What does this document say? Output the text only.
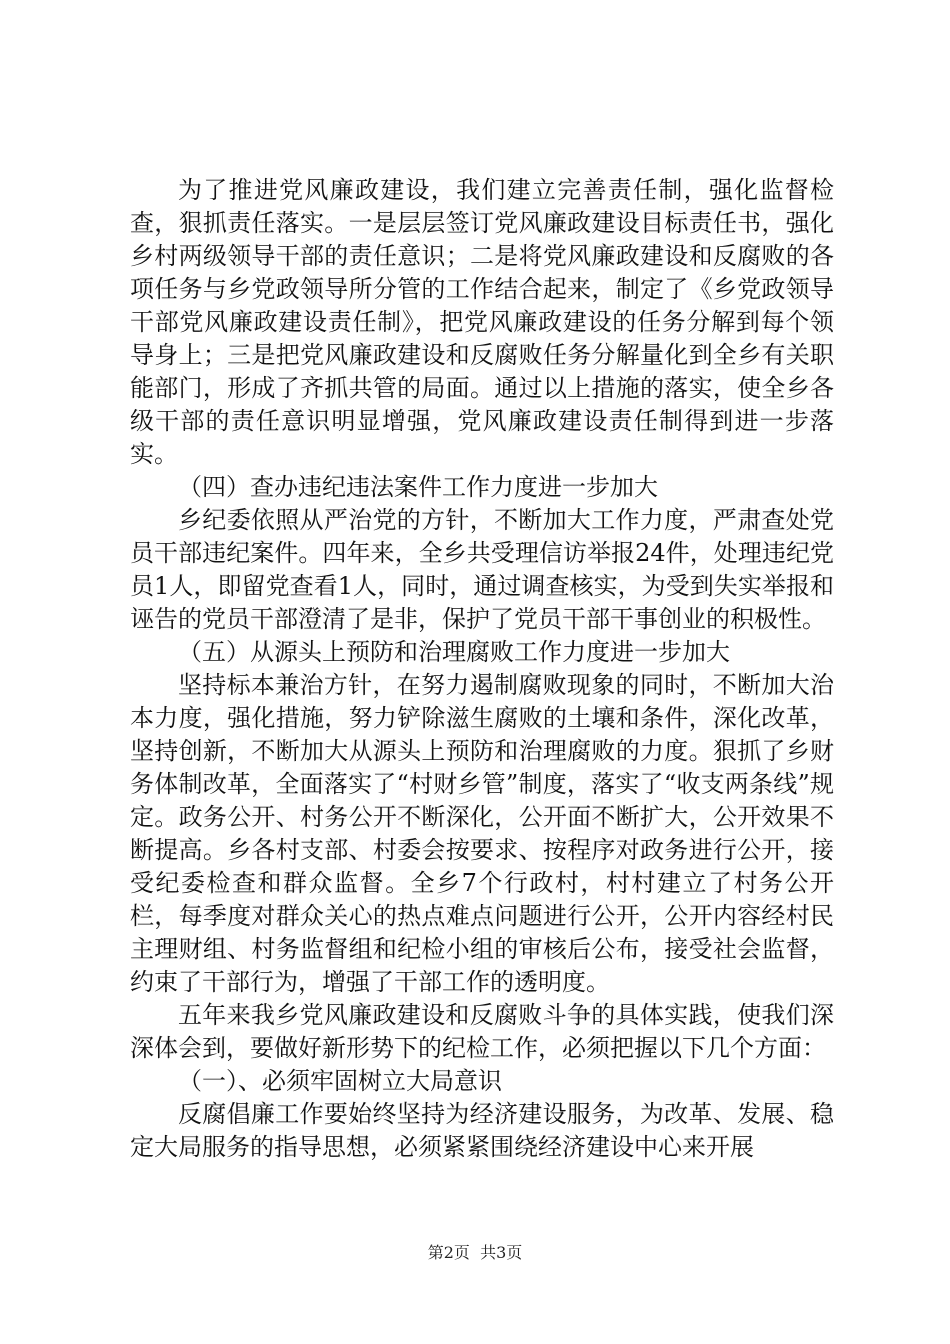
为了推进党风廉政建设，我们建立完善责任制，强化监督检查，狠抓责任落实。一是层层签订党风廉政建设目标责任书，强化乡村两级领导干部的责任意识；二是将党风廉政建设和反腐败的各项任务与乡党政领导所分管的工作结合起来，制定了《乡党政领导干部党风廉政建设责任制》，把党风廉政建设的任务分解到每个领导身上；三是把党风廉政建设和反腐败任务分解量化到全乡有关职能部门，形成了齐抓共管的局面。通过以上措施的落实，使全乡各级干部的责任意识明显增强，党风廉政建设责任制得到进一步落实。

（四）查办违纪违法案件工作力度进一步加大

乡纪委依照从严治党的方针，不断加大工作力度，严肃查处党员干部违纪案件。四年来，全乡共受理信访举报24件，处理违纪党员1人，即留党查看1人，同时，通过调查核实，为受到失实举报和诬告的党员干部澄清了是非，保护了党员干部干事创业的积极性。

（五）从源头上预防和治理腐败工作力度进一步加大

坚持标本兼治方针，在努力遏制腐败现象的同时，不断加大治本力度，强化措施，努力铲除滋生腐败的土壤和条件，深化改革，坚持创新，不断加大从源头上预防和治理腐败的力度。狠抓了乡财务体制改革，全面落实了“村财乡管”制度，落实了“收支两条线”规定。政务公开、村务公开不断深化，公开面不断扩大，公开效果不断提高。乡各村支部、村委会按要求、按程序对政务进行公开，接受纪委检查和群众监督。全乡7个行政村，村村建立了村务公开栏，每季度对群众关心的热点难点问题进行公开，公开内容经村民主理财组、村务监督组和纪检小组的审核后公布，接受社会监督，约束了干部行为，增强了干部工作的透明度。

五年来我乡党风廉政建设和反腐败斗争的具体实践，使我们深深体会到，要做好新形势下的纪检工作，必须把握以下几个方面：

（一）、必须牢固树立大局意识

反腐倡廉工作要始终坚持为经济建设服务，为改革、发展、稳定大局服务的指导思想，必须紧紧围绕经济建设中心来开展

第2页 共3页
